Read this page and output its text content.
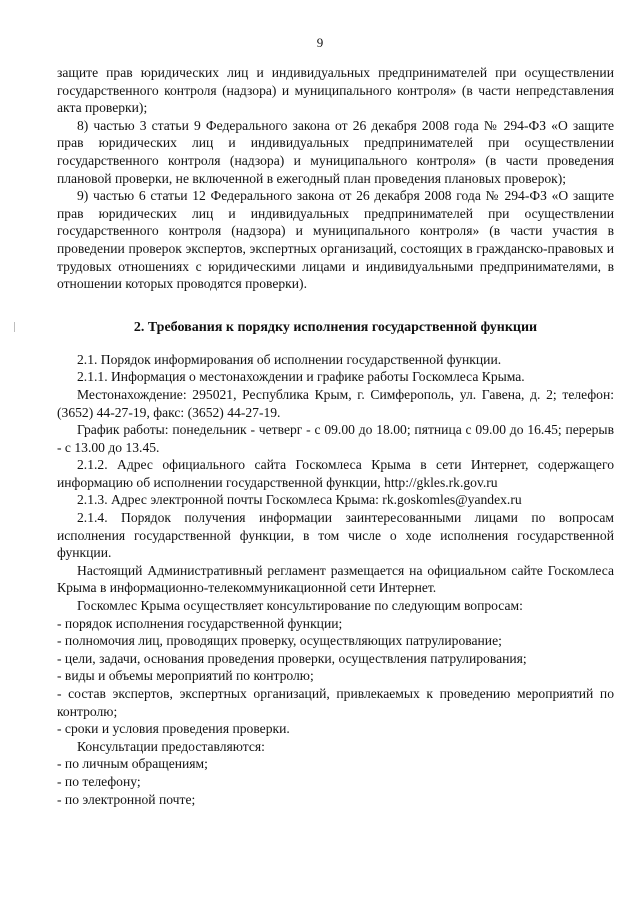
9

защите прав юридических лиц и индивидуальных предпринимателей при осуществлении государственного контроля (надзора) и муниципального контроля» (в части непредставления акта проверки);

8) частью 3 статьи 9 Федерального закона от 26 декабря 2008 года № 294-ФЗ «О защите прав юридических лиц и индивидуальных предпринимателей при осуществлении государственного контроля (надзора) и муниципального контроля» (в части проведения плановой проверки, не включенной в ежегодный план проведения плановых проверок);

9) частью 6 статьи 12 Федерального закона от 26 декабря 2008 года № 294-ФЗ «О защите прав юридических лиц и индивидуальных предпринимателей при осуществлении государственного контроля (надзора) и муниципального контроля» (в части участия в проведении проверок экспертов, экспертных организаций, состоящих в гражданско-правовых и трудовых отношениях с юридическими лицами и индивидуальными предпринимателями, в отношении которых проводятся проверки).

2. Требования к порядку исполнения государственной функции

2.1. Порядок информирования об исполнении государственной функции.

2.1.1. Информация о местонахождении и графике работы Госкомлеса Крыма.

Местонахождение: 295021, Республика Крым, г. Симферополь, ул. Гавена, д. 2; телефон: (3652) 44-27-19, факс: (3652) 44-27-19.

График работы: понедельник - четверг - с 09.00 до 18.00; пятница с 09.00 до 16.45; перерыв - с 13.00 до 13.45.

2.1.2. Адрес официального сайта Госкомлеса Крыма в сети Интернет, содержащего информацию об исполнении государственной функции, http://gkles.rk.gov.ru

2.1.3. Адрес электронной почты Госкомлеса Крыма: rk.goskomles@yandex.ru

2.1.4. Порядок получения информации заинтересованными лицами по вопросам исполнения государственной функции, в том числе о ходе исполнения государственной функции.

Настоящий Административный регламент размещается на официальном сайте Госкомлеса Крыма в информационно-телекоммуникационной сети Интернет.

Госкомлес Крыма осуществляет консультирование по следующим вопросам:

- порядок исполнения государственной функции;

- полномочия лиц, проводящих проверку, осуществляющих патрулирование;

- цели, задачи, основания проведения проверки, осуществления патрулирования;

- виды и объемы мероприятий по контролю;

- состав экспертов, экспертных организаций, привлекаемых к проведению мероприятий по контролю;

- сроки и условия проведения проверки.

Консультации предоставляются:

- по личным обращениям;

- по телефону;

- по электронной почте;
